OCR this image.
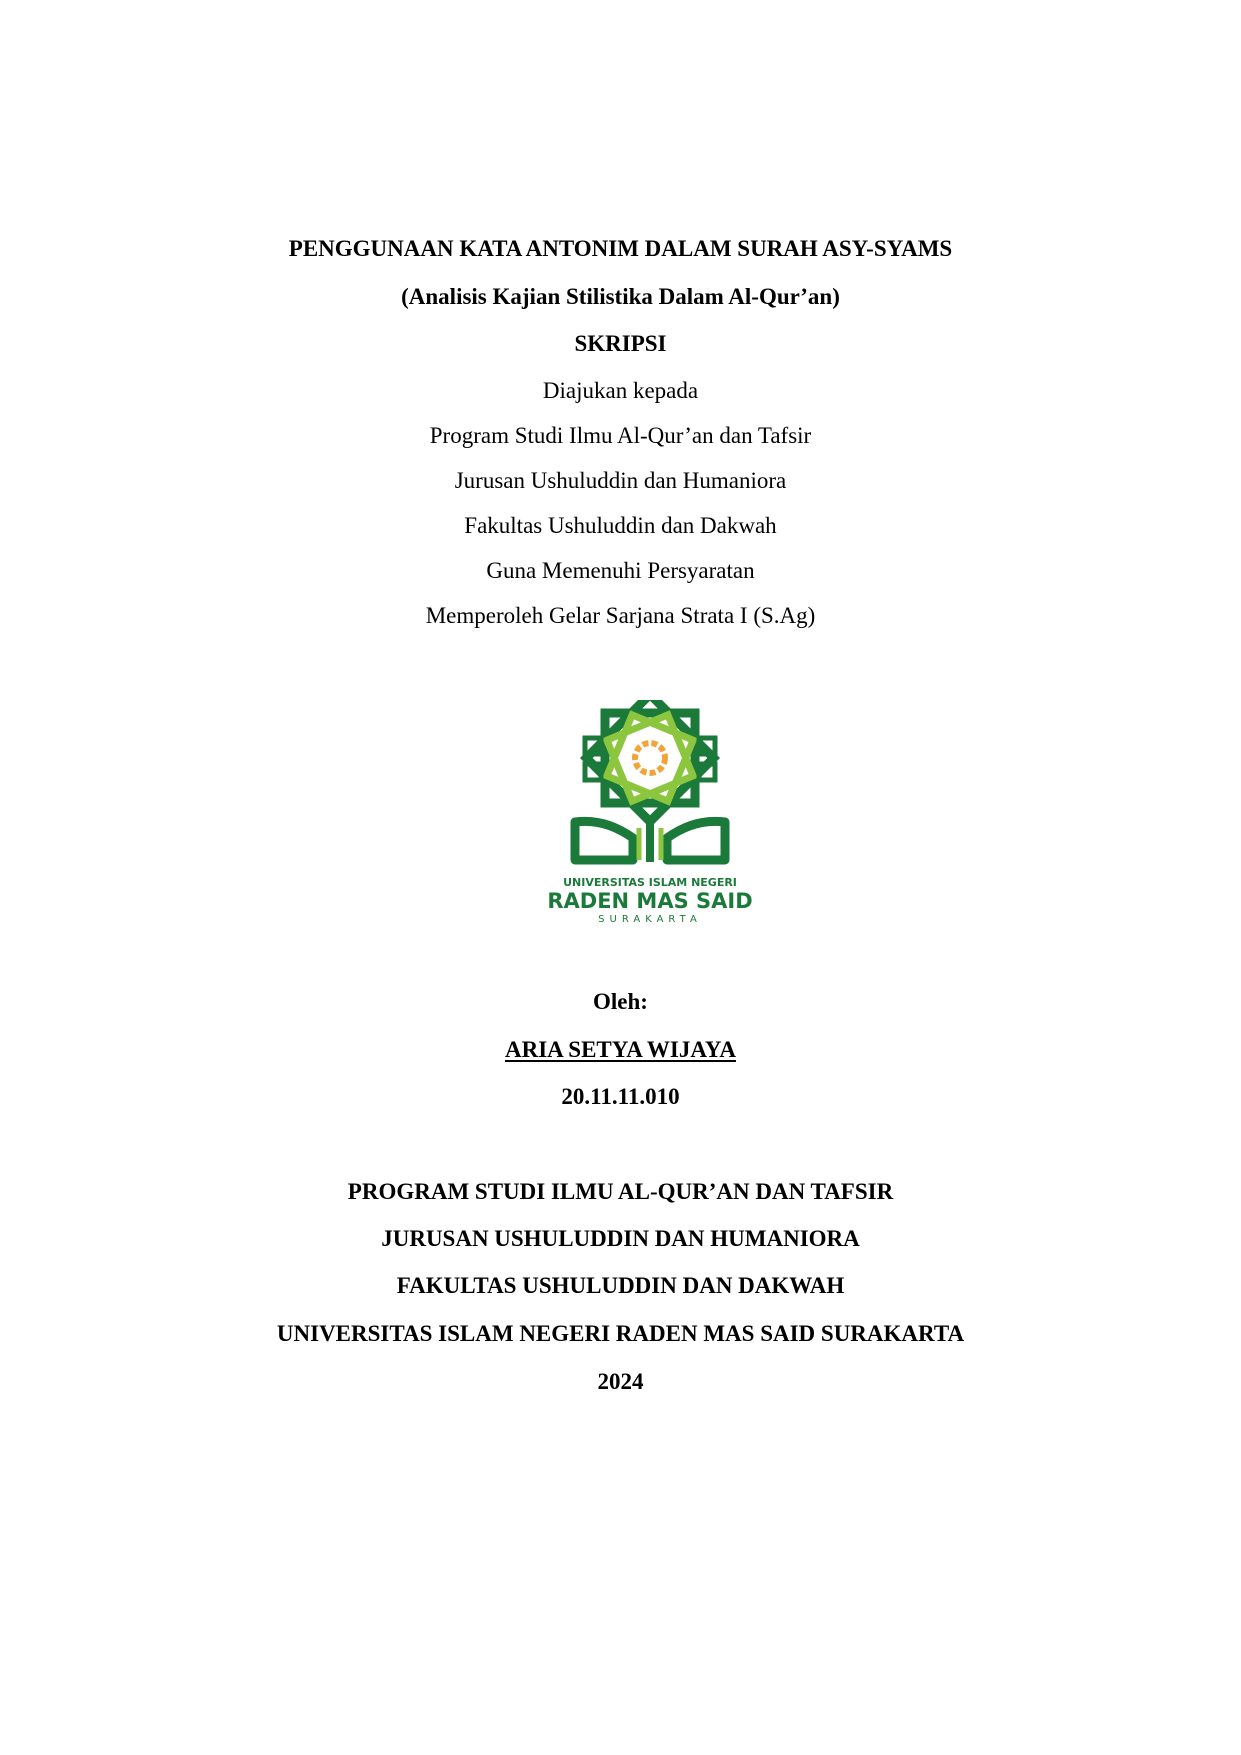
PENGGUNAAN KATA ANTONIM DALAM SURAH ASY-SYAMS
(Analisis Kajian Stilistika Dalam Al-Qur’an)
SKRIPSI
Diajukan kepada
Program Studi Ilmu Al-Qur’an dan Tafsir
Jurusan Ushuluddin dan Humaniora
Fakultas Ushuluddin dan Dakwah
Guna Memenuhi Persyaratan
Memperoleh Gelar Sarjana Strata I (S.Ag)
UNIVERSITAS ISLAM NEGERI
RADEN MAS SAID
SURAKARTA
Oleh:
ARIA SETYA WIJAYA
20.11.11.010
PROGRAM STUDI ILMU AL-QUR’AN DAN TAFSIR
JURUSAN USHULUDDIN DAN HUMANIORA
FAKULTAS USHULUDDIN DAN DAKWAH
UNIVERSITAS ISLAM NEGERI RADEN MAS SAID SURAKARTA
2024
